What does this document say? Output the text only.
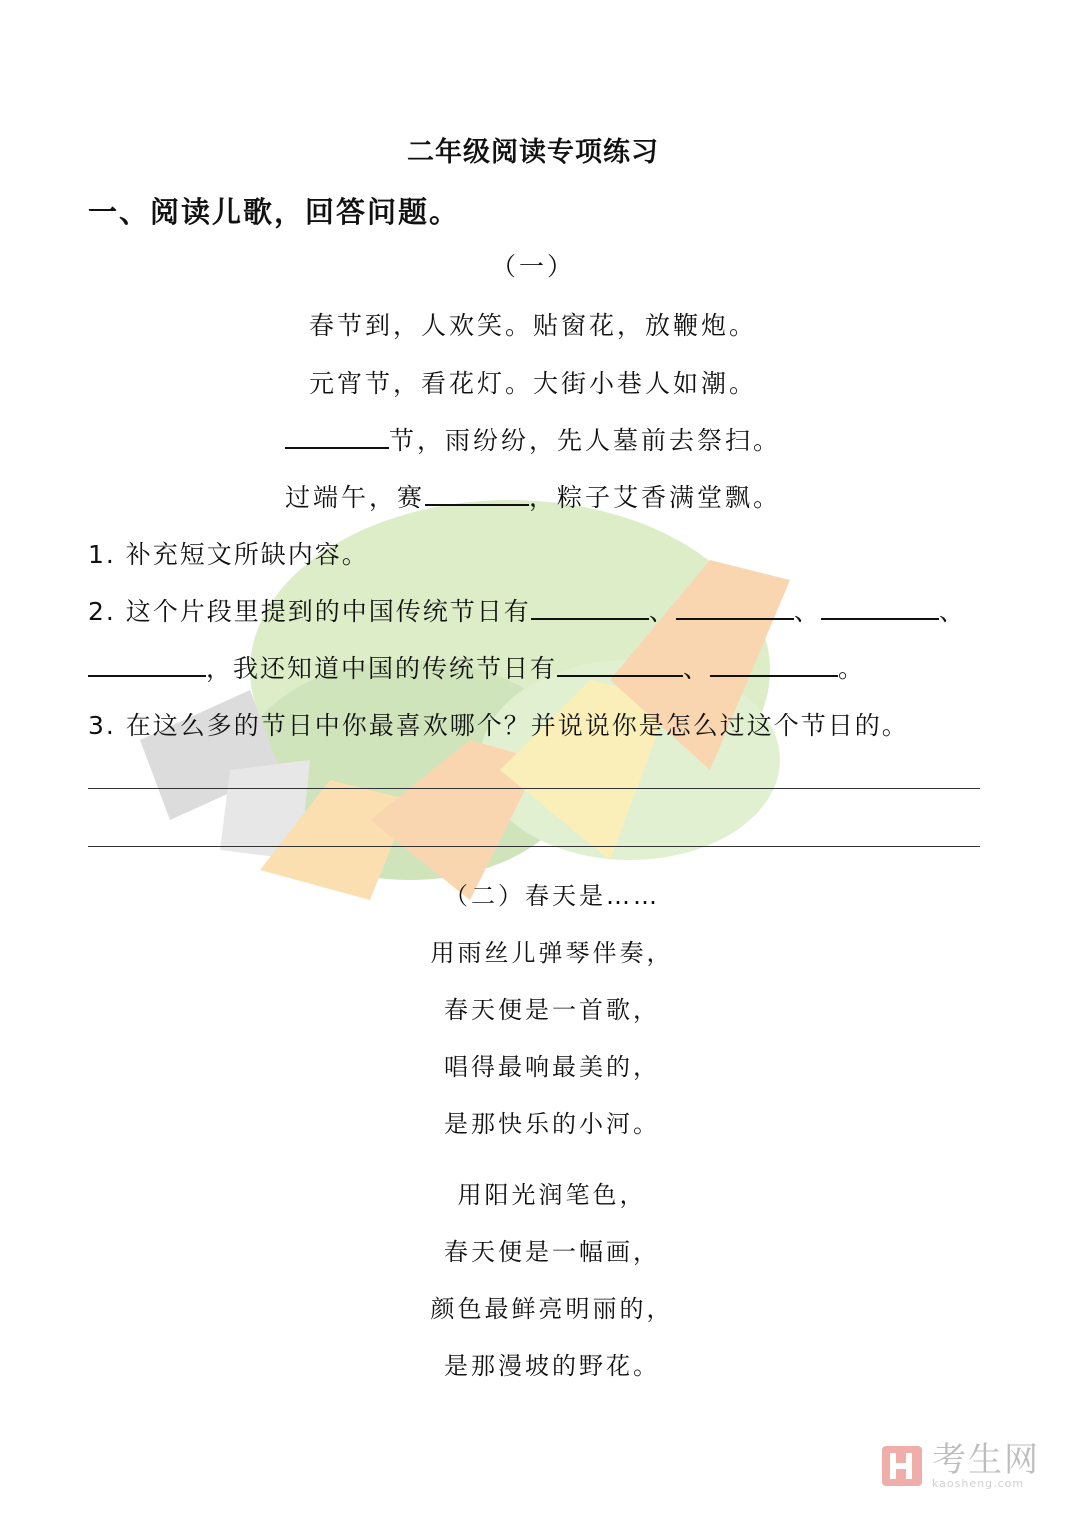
二年级阅读专项练习
一、阅读儿歌，回答问题。
（一）
春节到，人欢笑。贴窗花，放鞭炮。
元宵节，看花灯。大街小巷人如潮。
节，雨纷纷，先人墓前去祭扫。
过端午，赛	，粽子艾香满堂飘。
1. 补充短文所缺内容。
2. 这个片段里提到的中国传统节日有	、	、	、
，我还知道中国的传统节日有	、	。
3. 在这么多的节日中你最喜欢哪个？并说说你是怎么过这个节日的。
（二）春天是……
用雨丝儿弹琴伴奏，
春天便是一首歌，
唱得最响最美的，
是那快乐的小河。
用阳光润笔色，
春天便是一幅画，
颜色最鲜亮明丽的，
是那漫坡的野花。
考生网
kaosheng.com
